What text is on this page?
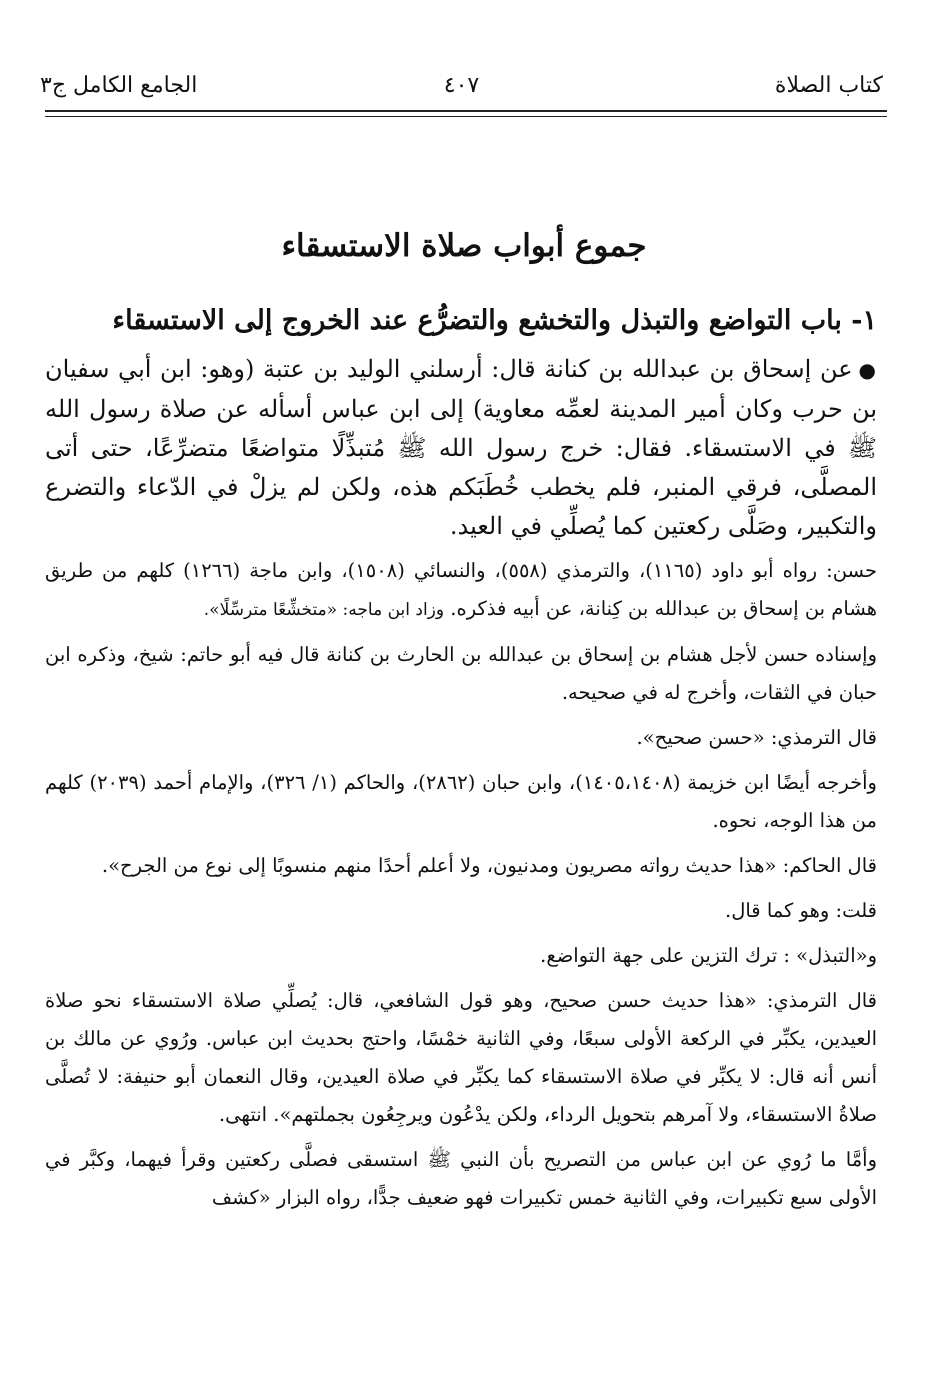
كتاب الصلاة
٤٠٧
الجامع الكامل ج٣
جموع أبواب صلاة الاستسقاء
١- باب التواضع والتبذل والتخشع والتضرُّع عند الخروج إلى الاستسقاء

●عن إسحاق بن عبدالله بن كنانة قال: أرسلني الوليد بن عتبة (وهو: ابن أبي سفيان بن حرب وكان أمير المدينة لعمِّه معاوية) إلى ابن عباس أسأله عن صلاة رسول الله ﷺ في الاستسقاء. فقال: خرج رسول الله ﷺ مُتبذِّلًا متواضعًا متضرِّعًا، حتى أتى المصلَّى، فرقي المنبر، فلم يخطب خُطَبَكم هذه، ولكن لم يزلْ في الدّعاء والتضرع والتكبير، وصَلَّى ركعتين كما يُصلِّي في العيد.

حسن: رواه أبو داود (١١٦٥)، والترمذي (٥٥٨)، والنسائي (١٥٠٨)، وابن ماجة (١٢٦٦) كلهم من طريق هشام بن إسحاق بن عبدالله بن كِنانة، عن أبيه فذكره. وزاد ابن ماجه: «متخشِّعًا مترسِّلًا».

وإسناده حسن لأجل هشام بن إسحاق بن عبدالله بن الحارث بن كنانة قال فيه أبو حاتم: شيخ، وذكره ابن حبان في الثقات، وأخرج له في صحيحه.

قال الترمذي: «حسن صحيح».

وأخرجه أيضًا ابن خزيمة (١٤٠٥،١٤٠٨)، وابن حبان (٢٨٦٢)، والحاكم (١/ ٣٢٦)، والإمام أحمد (٢٠٣٩) كلهم من هذا الوجه، نحوه.

قال الحاكم: «هذا حديث رواته مصريون ومدنيون، ولا أعلم أحدًا منهم منسوبًا إلى نوع من الجرح».

قلت: وهو كما قال.

و«التبذل» : ترك التزين على جهة التواضع.

قال الترمذي: «هذا حديث حسن صحيح، وهو قول الشافعي، قال: يُصلِّي صلاة الاستسقاء نحو صلاة العيدين، يكبِّر في الركعة الأولى سبعًا، وفي الثانية خمْسًا، واحتج بحديث ابن عباس. ورُوي عن مالك بن أنس أنه قال: لا يكبِّر في صلاة الاستسقاء كما يكبِّر في صلاة العيدين، وقال النعمان أبو حنيفة: لا تُصلَّى صلاةُ الاستسقاء، ولا آمرهم بتحويل الرداء، ولكن يدْعُون ويرجِعُون بجملتهم». انتهى.

وأمَّا ما رُوي عن ابن عباس من التصريح بأن النبي ﷺ استسقى فصلَّى ركعتين وقرأ فيهما، وكبَّر في الأولى سبع تكبيرات، وفي الثانية خمس تكبيرات فهو ضعيف جدًّا، رواه البزار «كشف
